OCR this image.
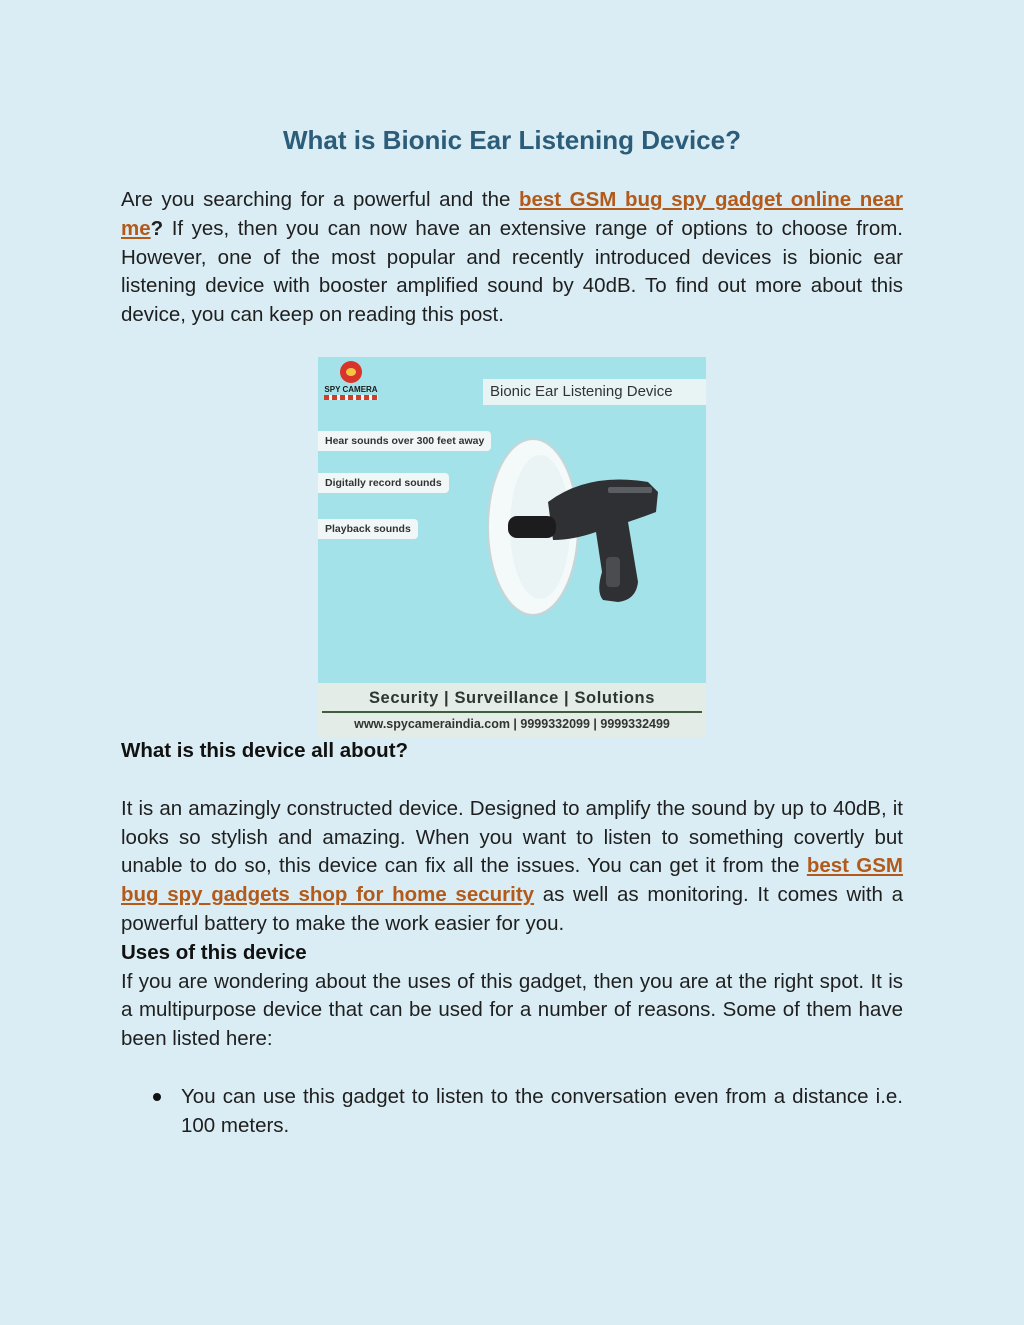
What is Bionic Ear Listening Device?

Are you searching for a powerful and the best GSM bug spy gadget online near me? If yes, then you can now have an extensive range of options to choose from. However, one of the most popular and recently introduced devices is bionic ear listening device with booster amplified sound by 40dB. To find out more about this device, you can keep on reading this post.

SPY CAMERA	Bionic Ear Listening Device
Hear sounds over 300 feet away
Digitally record sounds
Playback sounds
Security | Surveillance | Solutions
www.spycameraindia.com | 9999332099 | 9999332499
What is this device all about?

It is an amazingly constructed device. Designed to amplify the sound by up to 40dB, it looks so stylish and amazing. When you want to listen to something covertly but unable to do so, this device can fix all the issues. You can get it from the best GSM bug spy gadgets shop for home security as well as monitoring. It comes with a powerful battery to make the work easier for you.

Uses of this device

If you are wondering about the uses of this gadget, then you are at the right spot. It is a multipurpose device that can be used for a number of reasons. Some of them have been listed here:

You can use this gadget to listen to the conversation even from a distance i.e. 100 meters.
